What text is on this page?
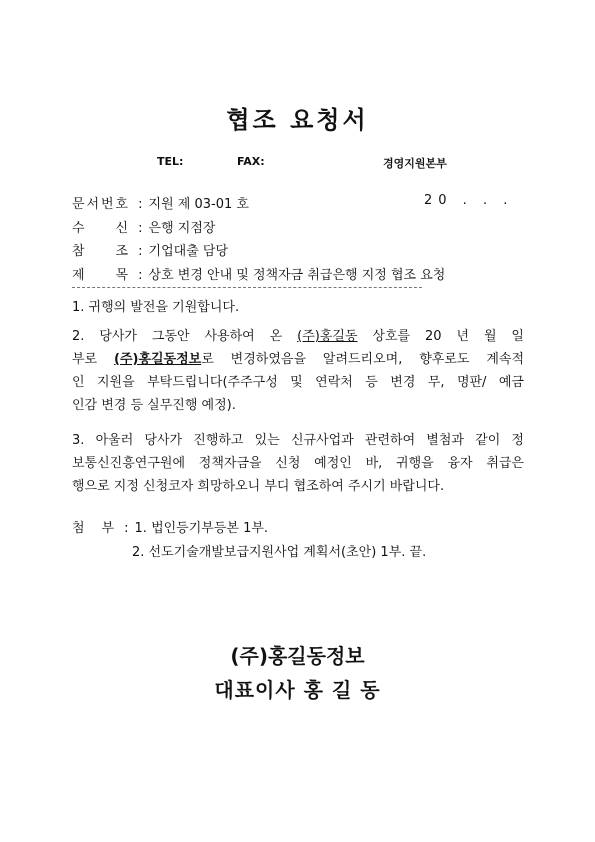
협조 요청서
TEL:	FAX:	경영지원본부
문 서 번 호 : 지원 제 03-01 호	20 . . .
수 신 : 은행 지점장
참 조 : 기업대출 담당
제 목 : 상호 변경 안내 및 정책자금 취급은행 지정 협조 요청
1. 귀행의 발전을 기원합니다.
2. 당사가 그동안 사용하여 온 (주)홍길동 상호를 20 년 월 일
부로 (주)홍길동정보로 변경하였음을 알려드리오며, 향후로도 계속적
인 지원을 부탁드립니다(주주구성 및 연락처 등 변경 무, 명판/ 예금
인감 변경 등 실무진행 예정).
3. 아울러 당사가 진행하고 있는 신규사업과 관련하여 별첨과 같이 정
보통신진흥연구원에 정책자금을 신청 예정인 바, 귀행을 융자 취급은
행으로 지정 신청코자 희망하오니 부디 협조하여 주시기 바랍니다.
첨 부 : 1. 법인등기부등본 1부.
2. 선도기술개발보급지원사업 계획서(초안) 1부. 끝.
(주)홍길동정보
대표이사 홍 길 동
